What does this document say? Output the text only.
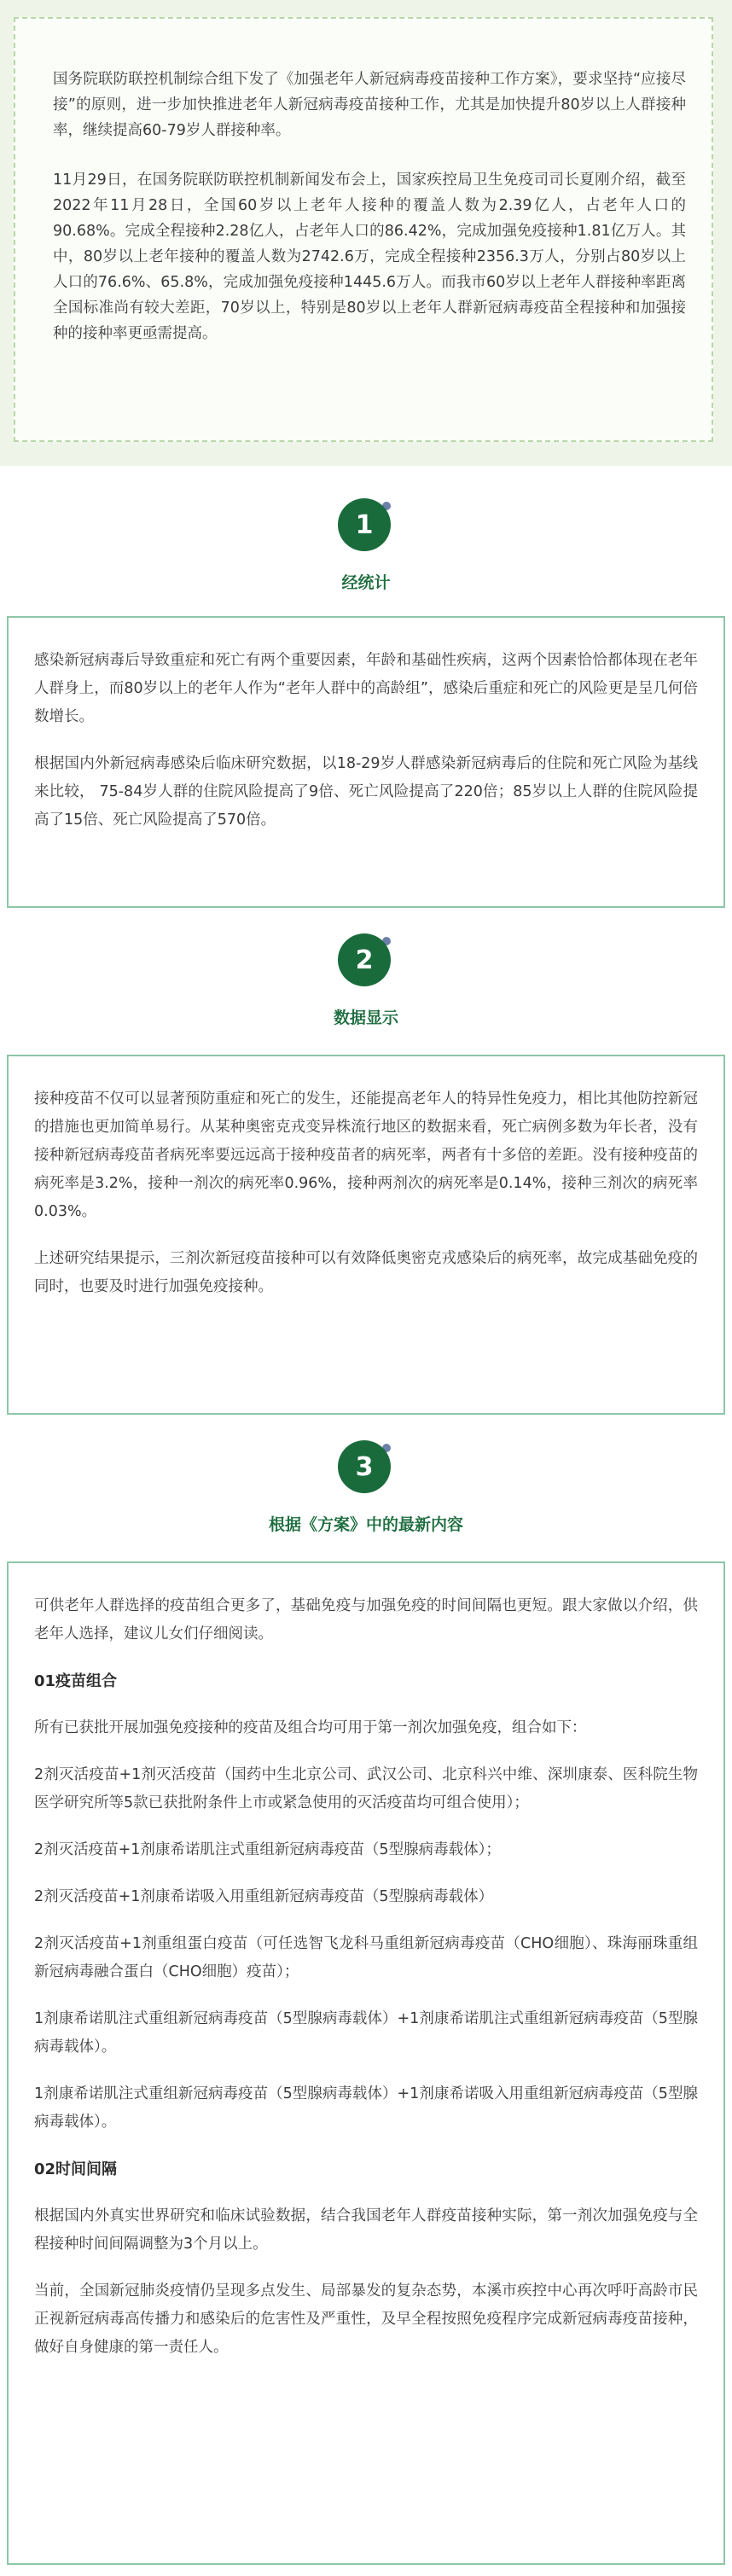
国务院联防联控机制综合组下发了《加强老年人新冠病毒疫苗接种工作方案》，要求坚持“应接尽接”的原则，进一步加快推进老年人新冠病毒疫苗接种工作，尤其是加快提升80岁以上人群接种率，继续提高60-79岁人群接种率。

11月29日，在国务院联防联控机制新闻发布会上，国家疾控局卫生免疫司司长夏刚介绍，截至2022年11月28日，全国60岁以上老年人接种的覆盖人数为2.39亿人，占老年人口的90.68%。完成全程接种2.28亿人，占老年人口的86.42%，完成加强免疫接种1.81亿万人。其中，80岁以上老年接种的覆盖人数为2742.6万，完成全程接种2356.3万人，分别占80岁以上人口的76.6%、65.8%，完成加强免疫接种1445.6万人。而我市60岁以上老年人群接种率距离全国标准尚有较大差距，70岁以上，特别是80岁以上老年人群新冠病毒疫苗全程接种和加强接种的接种率更亟需提高。

1
经统计

感染新冠病毒后导致重症和死亡有两个重要因素，年龄和基础性疾病，这两个因素恰恰都体现在老年人群身上，而80岁以上的老年人作为“老年人群中的高龄组”，感染后重症和死亡的风险更是呈几何倍数增长。

根据国内外新冠病毒感染后临床研究数据，以18-29岁人群感染新冠病毒后的住院和死亡风险为基线来比较， 75-84岁人群的住院风险提高了9倍、死亡风险提高了220倍；85岁以上人群的住院风险提高了15倍、死亡风险提高了570倍。

2
数据显示

接种疫苗不仅可以显著预防重症和死亡的发生，还能提高老年人的特异性免疫力，相比其他防控新冠的措施也更加简单易行。从某种奥密克戎变异株流行地区的数据来看，死亡病例多数为年长者，没有接种新冠病毒疫苗者病死率要远远高于接种疫苗者的病死率，两者有十多倍的差距。没有接种疫苗的病死率是3.2%，接种一剂次的病死率0.96%，接种两剂次的病死率是0.14%，接种三剂次的病死率0.03%。

上述研究结果提示，三剂次新冠疫苗接种可以有效降低奥密克戎感染后的病死率，故完成基础免疫的同时，也要及时进行加强免疫接种。

3
根据《方案》中的最新内容

可供老年人群选择的疫苗组合更多了，基础免疫与加强免疫的时间间隔也更短。跟大家做以介绍，供老年人选择，建议儿女们仔细阅读。

01疫苗组合

所有已获批开展加强免疫接种的疫苗及组合均可用于第一剂次加强免疫，组合如下：

2剂灭活疫苗+1剂灭活疫苗（国药中生北京公司、武汉公司、北京科兴中维、深圳康泰、医科院生物医学研究所等5款已获批附条件上市或紧急使用的灭活疫苗均可组合使用）；

2剂灭活疫苗+1剂康希诺肌注式重组新冠病毒疫苗（5型腺病毒载体）；

2剂灭活疫苗+1剂康希诺吸入用重组新冠病毒疫苗（5型腺病毒载体）

2剂灭活疫苗+1剂重组蛋白疫苗（可任选智飞龙科马重组新冠病毒疫苗（CHO细胞）、珠海丽珠重组新冠病毒融合蛋白（CHO细胞）疫苗）；

1剂康希诺肌注式重组新冠病毒疫苗（5型腺病毒载体）+1剂康希诺肌注式重组新冠病毒疫苗（5型腺病毒载体）。

1剂康希诺肌注式重组新冠病毒疫苗（5型腺病毒载体）+1剂康希诺吸入用重组新冠病毒疫苗（5型腺病毒载体）。

02时间间隔

根据国内外真实世界研究和临床试验数据，结合我国老年人群疫苗接种实际，第一剂次加强免疫与全程接种时间间隔调整为3个月以上。

当前，全国新冠肺炎疫情仍呈现多点发生、局部暴发的复杂态势，本溪市疾控中心再次呼吁高龄市民正视新冠病毒高传播力和感染后的危害性及严重性，及早全程按照免疫程序完成新冠病毒疫苗接种，做好自身健康的第一责任人。
